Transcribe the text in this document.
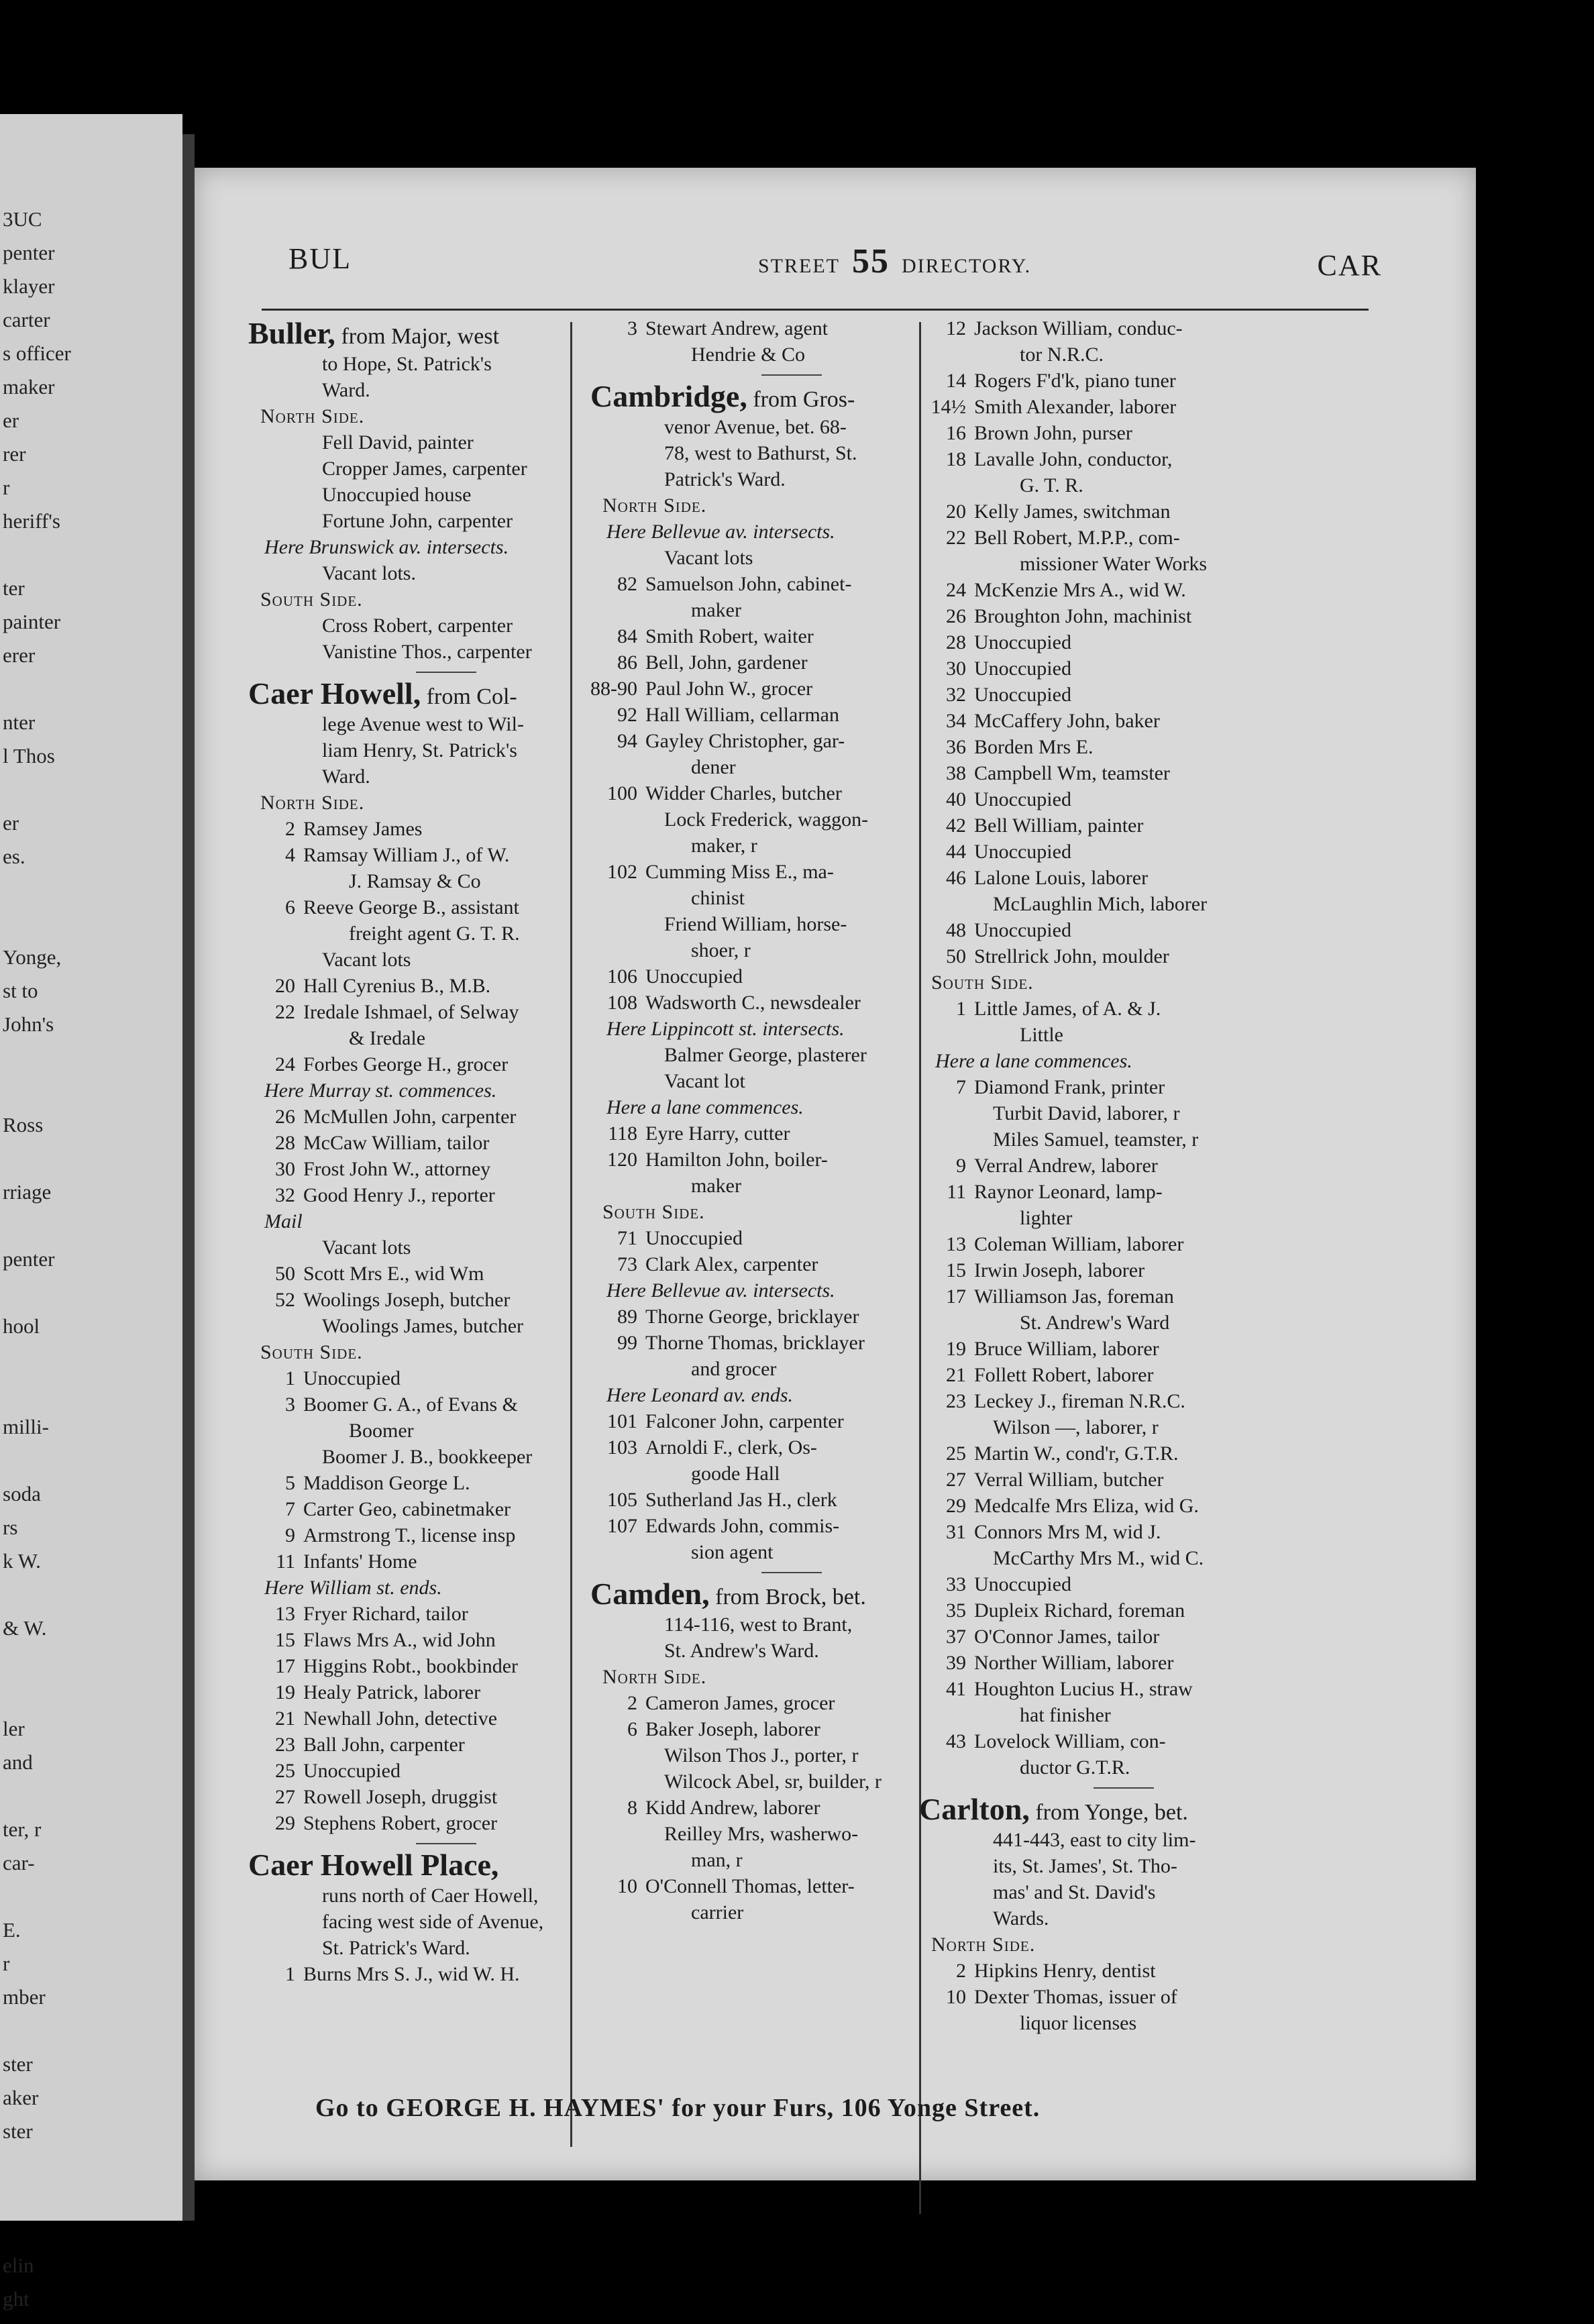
3UC
penter
klayer
carter
s officer
maker
er
rer
r
heriff's
ter
painter
erer
nter
l Thos
er
es.
Yonge,
st to
John's
Ross
rriage
penter
hool
milli-
soda
rs
k W.
& W.
ler
and
ter, r
car-
E.
r
mber
ster
aker
ster
elin
ght
BUL	STREET 55 DIRECTORY.	CAR
Buller, from Major, west
to Hope, St. Patrick's
Ward.
North Side.
Fell David, painter
Cropper James, carpenter
Unoccupied house
Fortune John, carpenter
Here Brunswick av. intersects.
Vacant lots.
South Side.
Cross Robert, carpenter
Vanistine Thos., carpenter
Caer Howell, from Col-
lege Avenue west to Wil-
liam Henry, St. Patrick's
Ward.
North Side.
2 Ramsey James
4 Ramsay William J., of W.
J. Ramsay & Co
6 Reeve George B., assistant
freight agent G. T. R.
Vacant lots
20 Hall Cyrenius B., M.B.
22 Iredale Ishmael, of Selway
& Iredale
24 Forbes George H., grocer
Here Murray st. commences.
26 McMullen John, carpenter
28 McCaw William, tailor
30 Frost John W., attorney
32 Good Henry J., reporter
Mail
Vacant lots
50 Scott Mrs E., wid Wm
52 Woolings Joseph, butcher
Woolings James, butcher
South Side.
1 Unoccupied
3 Boomer G. A., of Evans &
Boomer
Boomer J. B., bookkeeper
5 Maddison George L.
7 Carter Geo, cabinetmaker
9 Armstrong T., license insp
11 Infants' Home
Here William st. ends.
13 Fryer Richard, tailor
15 Flaws Mrs A., wid John
17 Higgins Robt., bookbinder
19 Healy Patrick, laborer
21 Newhall John, detective
23 Ball John, carpenter
25 Unoccupied
27 Rowell Joseph, druggist
29 Stephens Robert, grocer
Caer Howell Place,
runs north of Caer Howell,
facing west side of Avenue,
St. Patrick's Ward.
1 Burns Mrs S. J., wid W. H.
3 Stewart Andrew, agent
Hendrie & Co
Cambridge, from Gros-
venor Avenue, bet. 68-
78, west to Bathurst, St.
Patrick's Ward.
North Side.
Here Bellevue av. intersects.
Vacant lots
82 Samuelson John, cabinet-
maker
84 Smith Robert, waiter
86 Bell, John, gardener
88-90 Paul John W., grocer
92 Hall William, cellarman
94 Gayley Christopher, gar-
dener
100 Widder Charles, butcher
Lock Frederick, waggon-
maker, r
102 Cumming Miss E., ma-
chinist
Friend William, horse-
shoer, r
106 Unoccupied
108 Wadsworth C., newsdealer
Here Lippincott st. intersects.
Balmer George, plasterer
Vacant lot
Here a lane commences.
118 Eyre Harry, cutter
120 Hamilton John, boiler-
maker
South Side.
71 Unoccupied
73 Clark Alex, carpenter
Here Bellevue av. intersects.
89 Thorne George, bricklayer
99 Thorne Thomas, bricklayer
and grocer
Here Leonard av. ends.
101 Falconer John, carpenter
103 Arnoldi F., clerk, Os-
goode Hall
105 Sutherland Jas H., clerk
107 Edwards John, commis-
sion agent
Camden, from Brock, bet.
114-116, west to Brant,
St. Andrew's Ward.
North Side.
2 Cameron James, grocer
6 Baker Joseph, laborer
Wilson Thos J., porter, r
Wilcock Abel, sr, builder, r
8 Kidd Andrew, laborer
Reilley Mrs, washerwo-
man, r
10 O'Connell Thomas, letter-
carrier
12 Jackson William, conduc-
tor N.R.C.
14 Rogers F'd'k, piano tuner
14½ Smith Alexander, laborer
16 Brown John, purser
18 Lavalle John, conductor,
G. T. R.
20 Kelly James, switchman
22 Bell Robert, M.P.P., com-
missioner Water Works
24 McKenzie Mrs A., wid W.
26 Broughton John, machinist
28 Unoccupied
30 Unoccupied
32 Unoccupied
34 McCaffery John, baker
36 Borden Mrs E.
38 Campbell Wm, teamster
40 Unoccupied
42 Bell William, painter
44 Unoccupied
46 Lalone Louis, laborer
McLaughlin Mich, laborer
48 Unoccupied
50 Strellrick John, moulder
South Side.
1 Little James, of A. & J.
Little
Here a lane commences.
7 Diamond Frank, printer
Turbit David, laborer, r
Miles Samuel, teamster, r
9 Verral Andrew, laborer
11 Raynor Leonard, lamp-
lighter
13 Coleman William, laborer
15 Irwin Joseph, laborer
17 Williamson Jas, foreman
St. Andrew's Ward
19 Bruce William, laborer
21 Follett Robert, laborer
23 Leckey J., fireman N.R.C.
Wilson —, laborer, r
25 Martin W., cond'r, G.T.R.
27 Verral William, butcher
29 Medcalfe Mrs Eliza, wid G.
31 Connors Mrs M, wid J.
McCarthy Mrs M., wid C.
33 Unoccupied
35 Dupleix Richard, foreman
37 O'Connor James, tailor
39 Norther William, laborer
41 Houghton Lucius H., straw
hat finisher
43 Lovelock William, con-
ductor G.T.R.
Carlton, from Yonge, bet.
441-443, east to city lim-
its, St. James', St. Tho-
mas' and St. David's
Wards.
North Side.
2 Hipkins Henry, dentist
10 Dexter Thomas, issuer of
liquor licenses
Go to GEORGE H. HAYMES' for your Furs, 106 Yonge Street.
